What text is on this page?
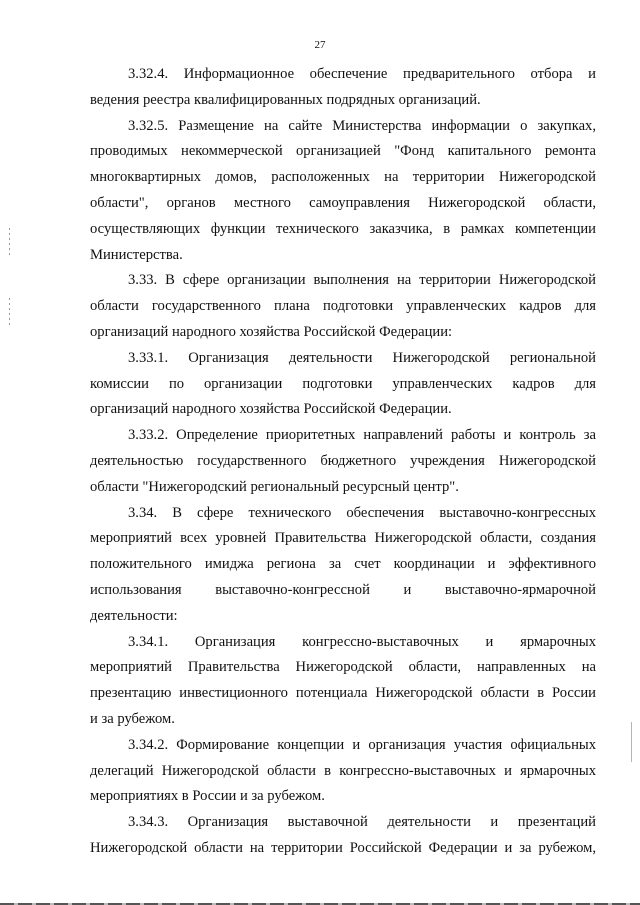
27
3.32.4. Информационное обеспечение предварительного отбора и
ведения реестра квалифицированных подрядных организаций.
3.32.5. Размещение на сайте Министерства информации о закупках,
проводимых некоммерческой организацией "Фонд капитального ремонта
многоквартирных домов, расположенных на территории Нижегородской
области", органов местного самоуправления Нижегородской области,
осуществляющих функции технического заказчика, в рамках компетенции
Министерства.
3.33. В сфере организации выполнения на территории Нижегородской
области государственного плана подготовки управленческих кадров для
организаций народного хозяйства Российской Федерации:
3.33.1. Организация деятельности Нижегородской региональной
комиссии по организации подготовки управленческих кадров для
организаций народного хозяйства Российской Федерации.
3.33.2. Определение приоритетных направлений работы и контроль за
деятельностью государственного бюджетного учреждения Нижегородской
области "Нижегородский региональный ресурсный центр".
3.34. В сфере технического обеспечения выставочно-конгрессных
мероприятий всех уровней Правительства Нижегородской области, создания
положительного имиджа региона за счет координации и эффективного
использования выставочно-конгрессной и выставочно-ярмарочной
деятельности:
3.34.1. Организация конгрессно-выставочных и ярмарочных
мероприятий Правительства Нижегородской области, направленных на
презентацию инвестиционного потенциала Нижегородской области в России
и за рубежом.
3.34.2. Формирование концепции и организация участия официальных
делегаций Нижегородской области в конгрессно-выставочных и ярмарочных
мероприятиях в России и за рубежом.
3.34.3. Организация выставочной деятельности и презентаций
Нижегородской области на территории Российской Федерации и за рубежом,
